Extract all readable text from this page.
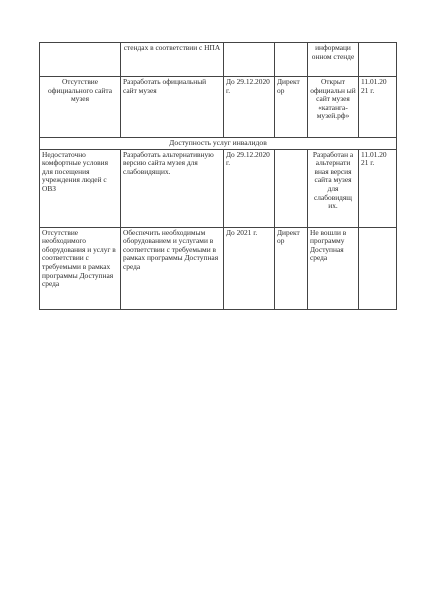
	стендах в соответствии с НПА			информаци онном стенде	
Отсутствие официального сайта музея	Разработать официальный сайт музея	До 29.12.2020 г.	Директ ор	Открыт официальн ый сайт музея «катанга-музей.рф»	11.01.20 21 г.
Доступность услуг инвалидов					
Недостаточно комфортные условия для посещения учреждения людей с ОВЗ	Разработать альтернативную версию сайта музея для слабовидящих.	До 29.12.2020 г.		Разработан а альтернати вная версия сайта музея для слабовидящ их.	11.01.20 21 г.
Отсутствие необходимого оборудования и услуг в соответствии с требуемыми в рамках программы Доступная среда	Обеспечить необходимым оборудованием и услугами в соответствии с требуемыми в рамках программы Доступная среда	До 2021 г.	Директ ор	Не вошли в программу Доступная среда	
